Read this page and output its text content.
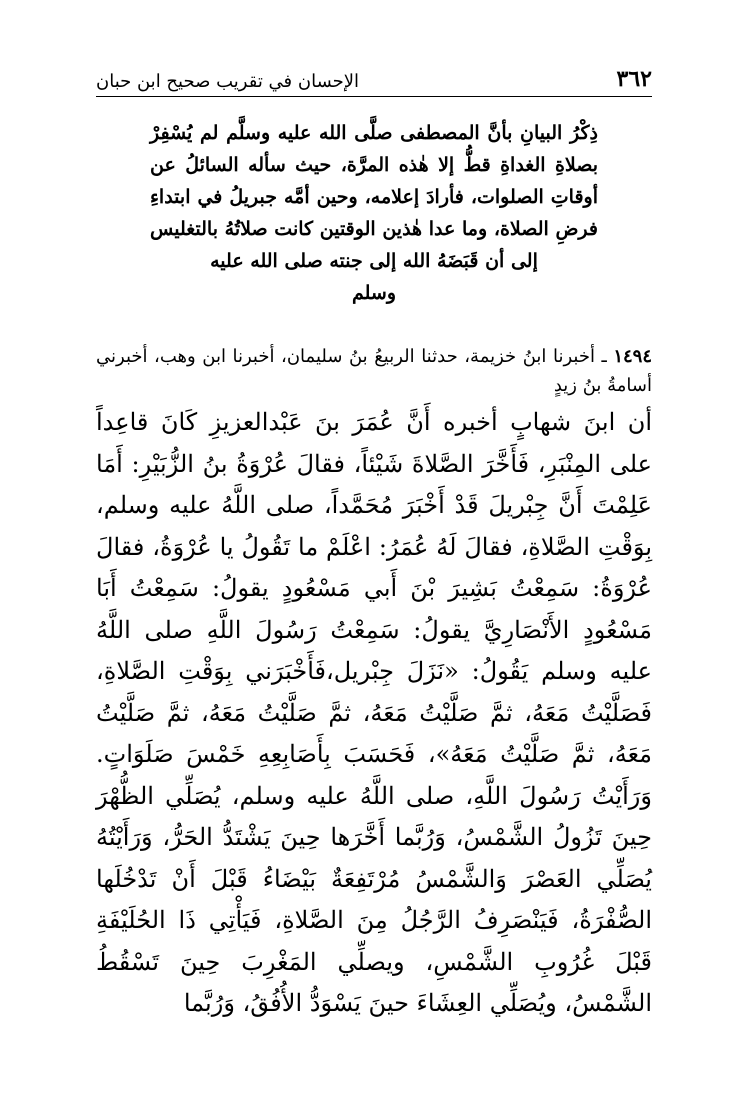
٣٦٢
الإحسان في تقريب صحيح ابن حبان

ذِكْرُ البيانِ بأنَّ المصطفى صلَّى الله عليه وسلَّم لم يُسْفِرْ بصلاةِ الغداةِ قطُّ إلا هٰذه المرَّة، حيث سأله السائلُ عن أوقاتِ الصلوات، فأرادَ إعلامه، وحين أمَّه جبريلُ في ابتداءِ فرضِ الصلاة، وما عدا هٰذين الوقتين كانت صلاتُهُ بالتغليس إلى أن قَبَضَهُ الله إلى جنته صلى الله عليه

وسلم

١٤٩٤ ـ أخبرنا ابنُ خزيمة، حدثنا الربيعُ بنُ سليمان، أخبرنا ابن وهب، أخبرني أسامةُ بنُ زيدٍ

أن ابنَ شهابٍ أخبره أَنَّ عُمَرَ بنَ عَبْدالعزيزِ كَانَ قاعِداً على المِنْبَرِ، فَأَخَّرَ الصَّلاةَ شَيْئاً، فقالَ عُرْوَةُ بنُ الزُّبَيْرِ: أَمَا عَلِمْتَ أَنَّ جِبْريلَ قَدْ أَخْبَرَ مُحَمَّداً، صلى اللَّهُ عليه وسلم، بِوَقْتِ الصَّلاةِ، فقالَ لَهُ عُمَرُ: اعْلَمْ ما تَقُولُ يا عُرْوَةُ، فقالَ عُرْوَةُ: سَمِعْتُ بَشِيرَ بْنَ أَبي مَسْعُودٍ يقولُ: سَمِعْتُ أَبَا مَسْعُودٍ الأَنْصَارِيَّ يقولُ: سَمِعْتُ رَسُولَ اللَّهِ صلى اللَّهُ عليه وسلم يَقُولُ: «نَزَلَ جِبْريل،فَأَخْبَرَني بِوَقْتِ الصَّلاةِ، فَصَلَّيْتُ مَعَهُ، ثمَّ صَلَّيْتُ مَعَهُ، ثمَّ صَلَّيْتُ مَعَهُ، ثمَّ صَلَّيْتُ مَعَهُ، ثمَّ صَلَّيْتُ مَعَهُ»، فَحَسَبَ بِأَصَابِعِهِ خَمْسَ صَلَوَاتٍ. وَرَأَيْتُ رَسُولَ اللَّهِ، صلى اللَّهُ عليه وسلم، يُصَلِّي الظُّهْرَ حِينَ تَزُولُ الشَّمْسُ، وَرُبَّما أَخَّرَها حِينَ يَشْتَدُّ الحَرُّ، وَرَأَيْتُهُ يُصَلِّي العَصْرَ وَالشَّمْسُ مُرْتَفِعَةٌ بَيْضَاءُ قَبْلَ أَنْ تَدْخُلَها الصُّفْرَةُ، فَيَنْصَرِفُ الرَّجُلُ مِنَ الصَّلاةِ، فَيَأْتِي ذَا الحُلَيْفَةِ قَبْلَ غُرُوبِ الشَّمْسِ، ويصلِّي المَغْرِبَ حِينَ تَسْقُطُ الشَّمْسُ، ويُصَلِّي العِشَاءَ حينَ يَسْوَدُّ الأُفُقُ، وَرُبَّما
